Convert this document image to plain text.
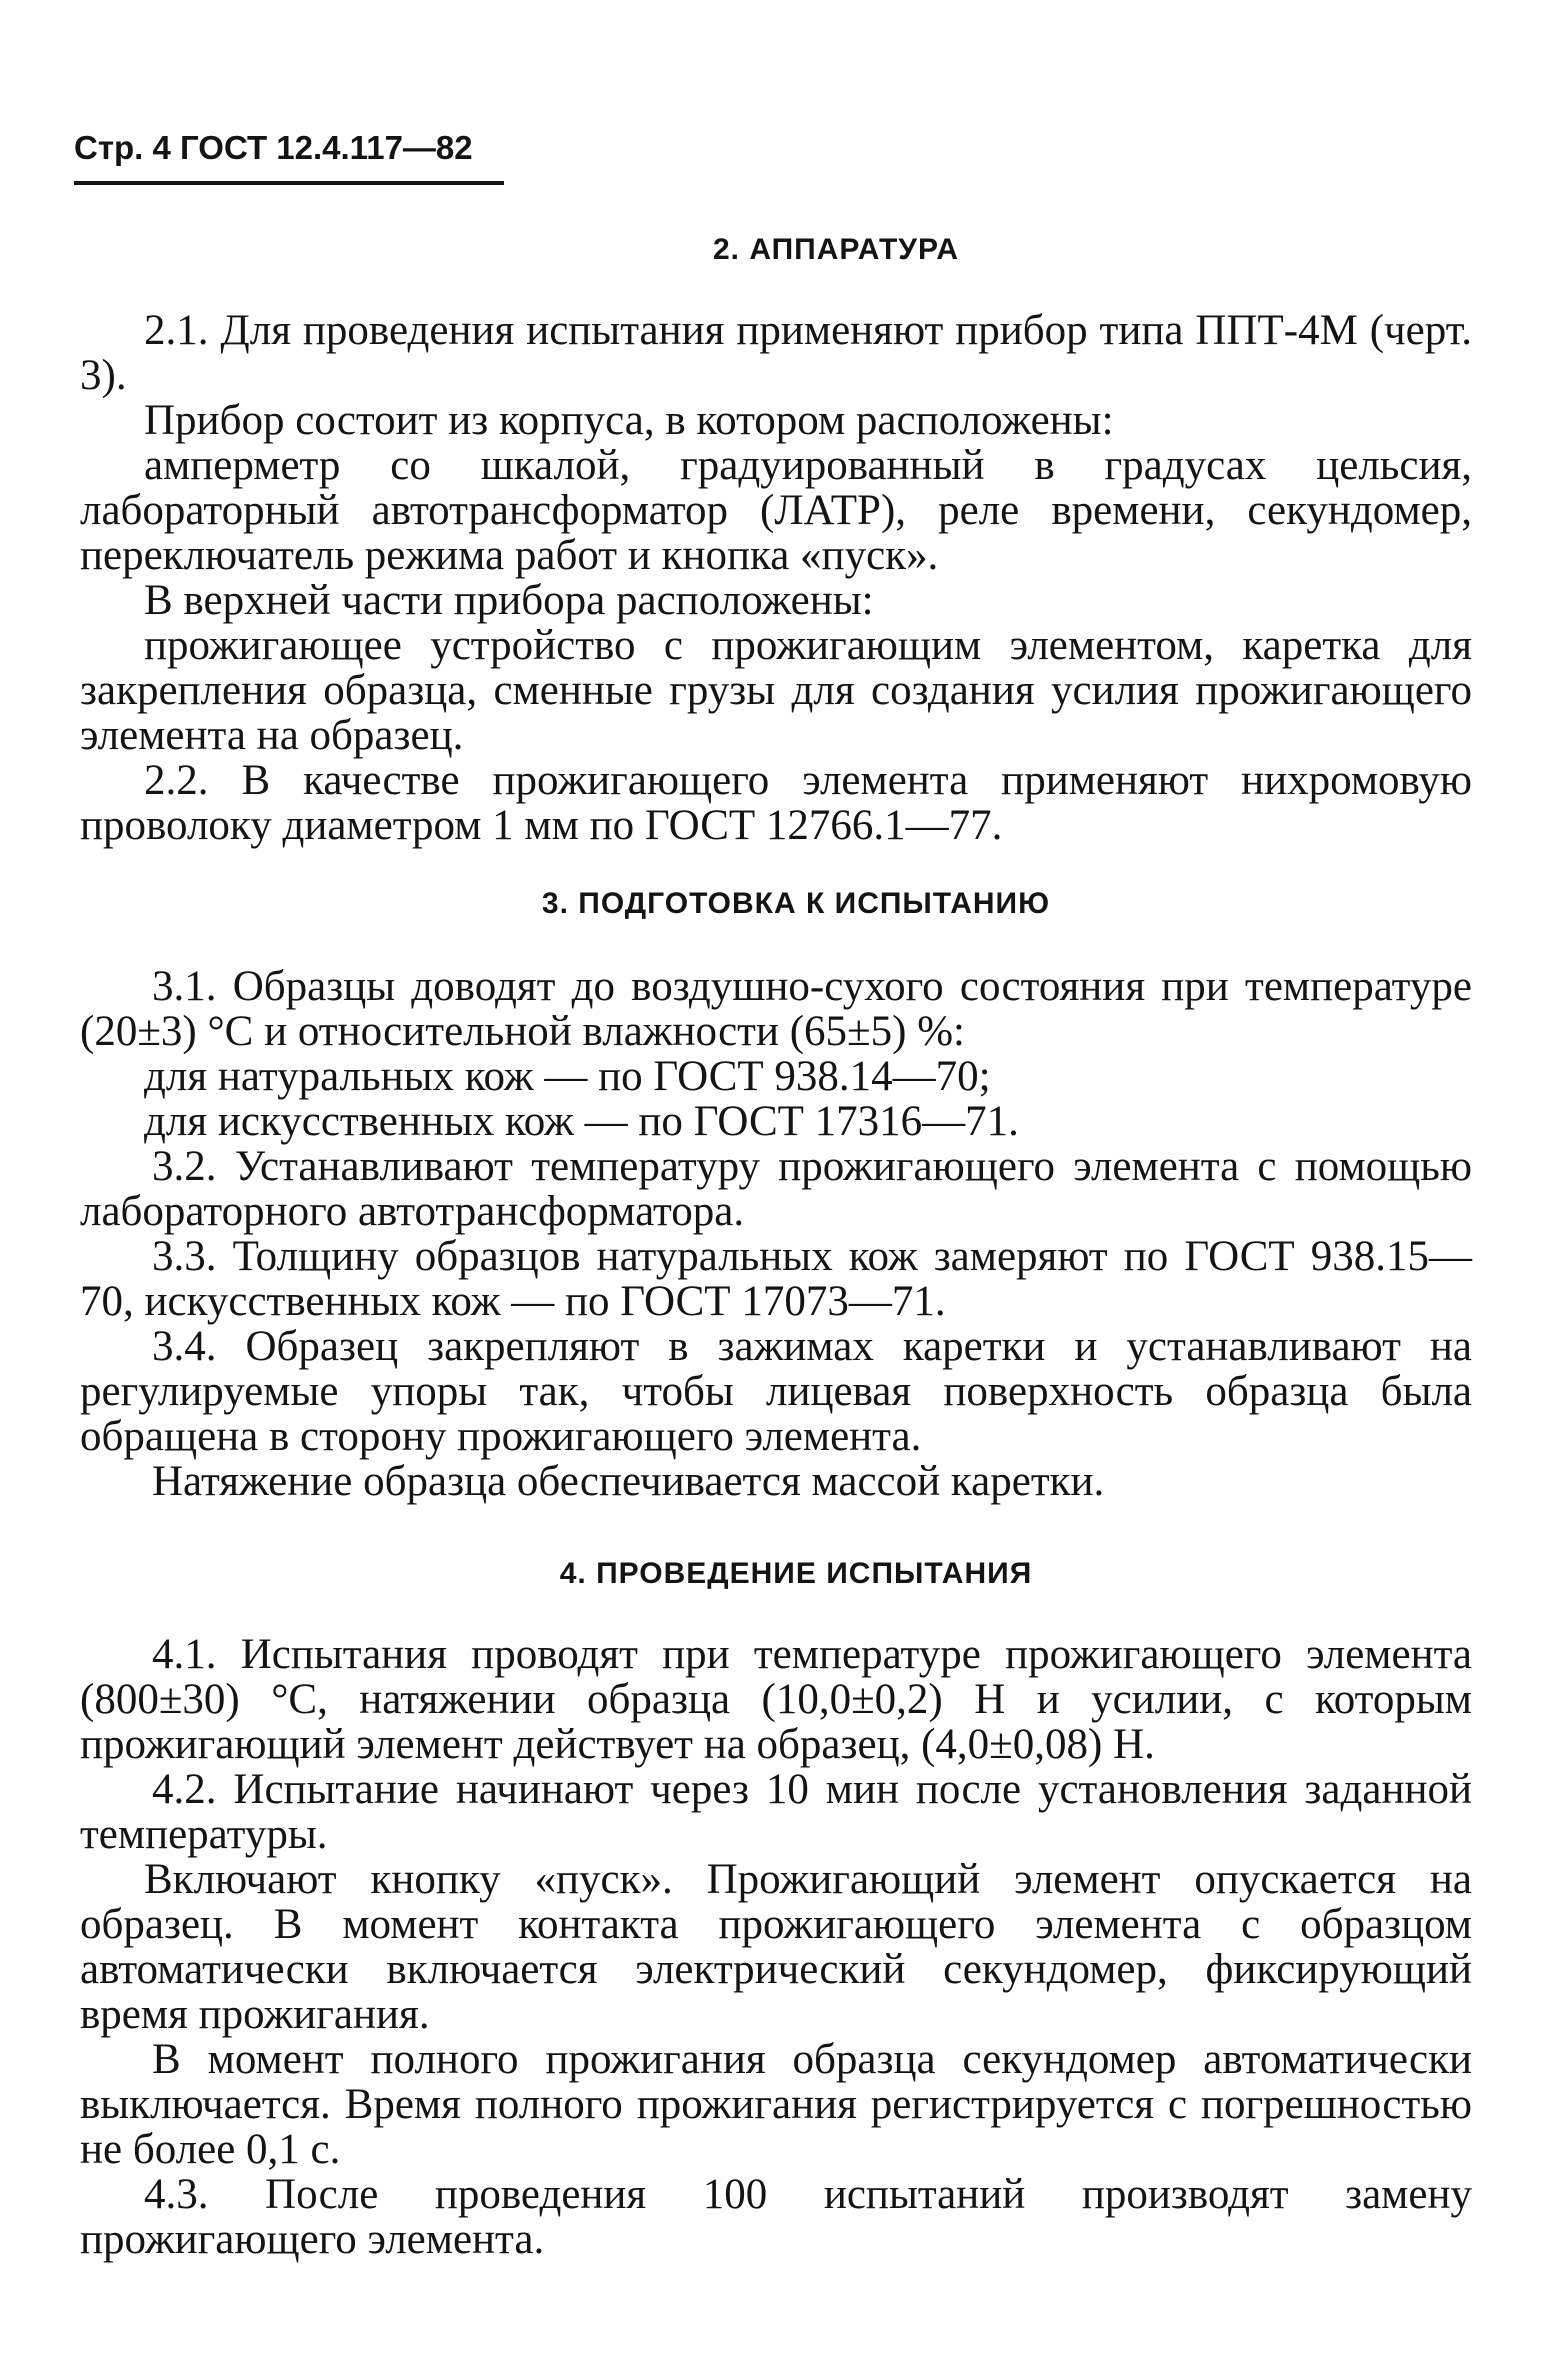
Стр. 4 ГОСТ 12.4.117—82
2. АППАРАТУРА

2.1. Для проведения испытания применяют прибор типа ППТ-4М (черт. 3).

Прибор состоит из корпуса, в котором расположены:

амперметр со шкалой, градуированный в градусах цельсия, лабораторный автотрансформатор (ЛАТР), реле времени, секундомер, переключатель режима работ и кнопка «пуск».

В верхней части прибора расположены:

прожигающее устройство с прожигающим элементом, каретка для закрепления образца, сменные грузы для создания усилия прожигающего элемента на образец.

2.2. В качестве прожигающего элемента применяют нихромовую проволоку диаметром 1 мм по ГОСТ 12766.1—77.

3. ПОДГОТОВКА К ИСПЫТАНИЮ

3.1. Образцы доводят до воздушно-сухого состояния при температуре (20±3) °С и относительной влажности (65±5) %:

для натуральных кож — по ГОСТ 938.14—70;

для искусственных кож — по ГОСТ 17316—71.

3.2. Устанавливают температуру прожигающего элемента с помощью лабораторного автотрансформатора.

3.3. Толщину образцов натуральных кож замеряют по ГОСТ 938.15—70, искусственных кож — по ГОСТ 17073—71.

3.4. Образец закрепляют в зажимах каретки и устанавливают на регулируемые упоры так, чтобы лицевая поверхность образца была обращена в сторону прожигающего элемента.

Натяжение образца обеспечивается массой каретки.

4. ПРОВЕДЕНИЕ ИСПЫТАНИЯ

4.1. Испытания проводят при температуре прожигающего элемента (800±30) °С, натяжении образца (10,0±0,2) Н и усилии, с которым прожигающий элемент действует на образец, (4,0±0,08) Н.

4.2. Испытание начинают через 10 мин после установления заданной температуры.

Включают кнопку «пуск». Прожигающий элемент опускается на образец. В момент контакта прожигающего элемента с образцом автоматически включается электрический секундомер, фиксирующий время прожигания.

В момент полного прожигания образца секундомер автоматически выключается. Время полного прожигания регистрируется с погрешностью не более 0,1 с.

4.3. После проведения 100 испытаний производят замену прожигающего элемента.
